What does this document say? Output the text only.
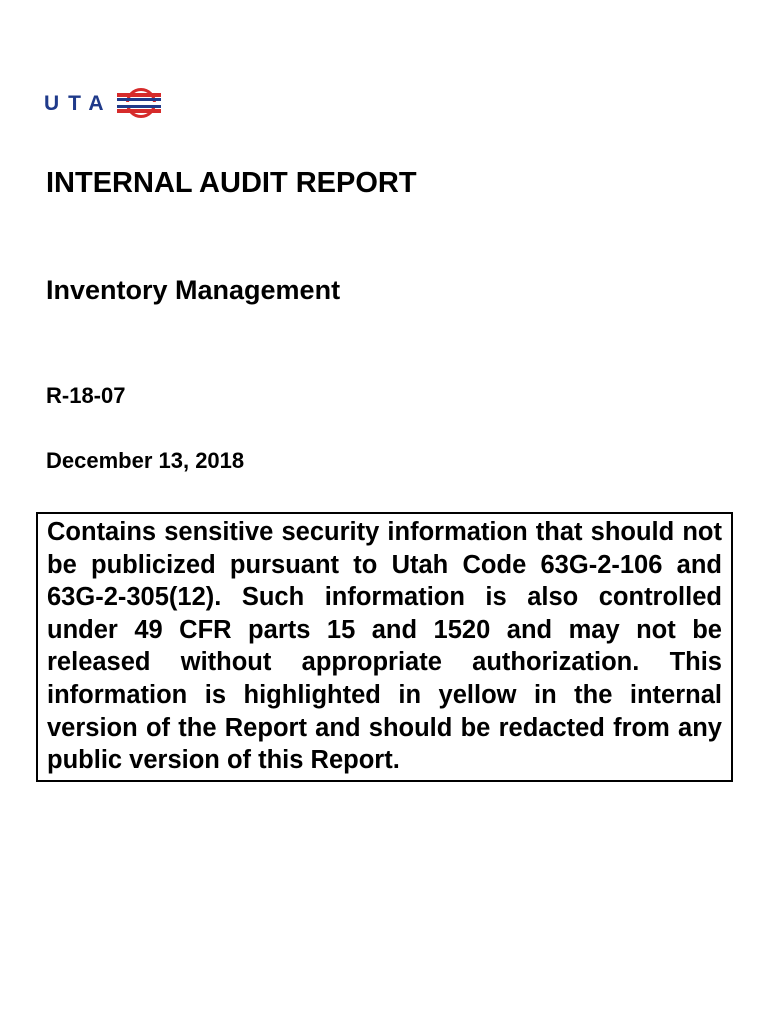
UTA
INTERNAL AUDIT REPORT
Inventory Management
R-18-07
December 13, 2018

Contains sensitive security information that should not be publicized pursuant to Utah Code 63G-2-106 and 63G-2-305(12). Such information is also controlled under 49 CFR parts 15 and 1520 and may not be released without appropriate authorization. This information is highlighted in yellow in the internal version of the Report and should be redacted from any public version of this Report.
